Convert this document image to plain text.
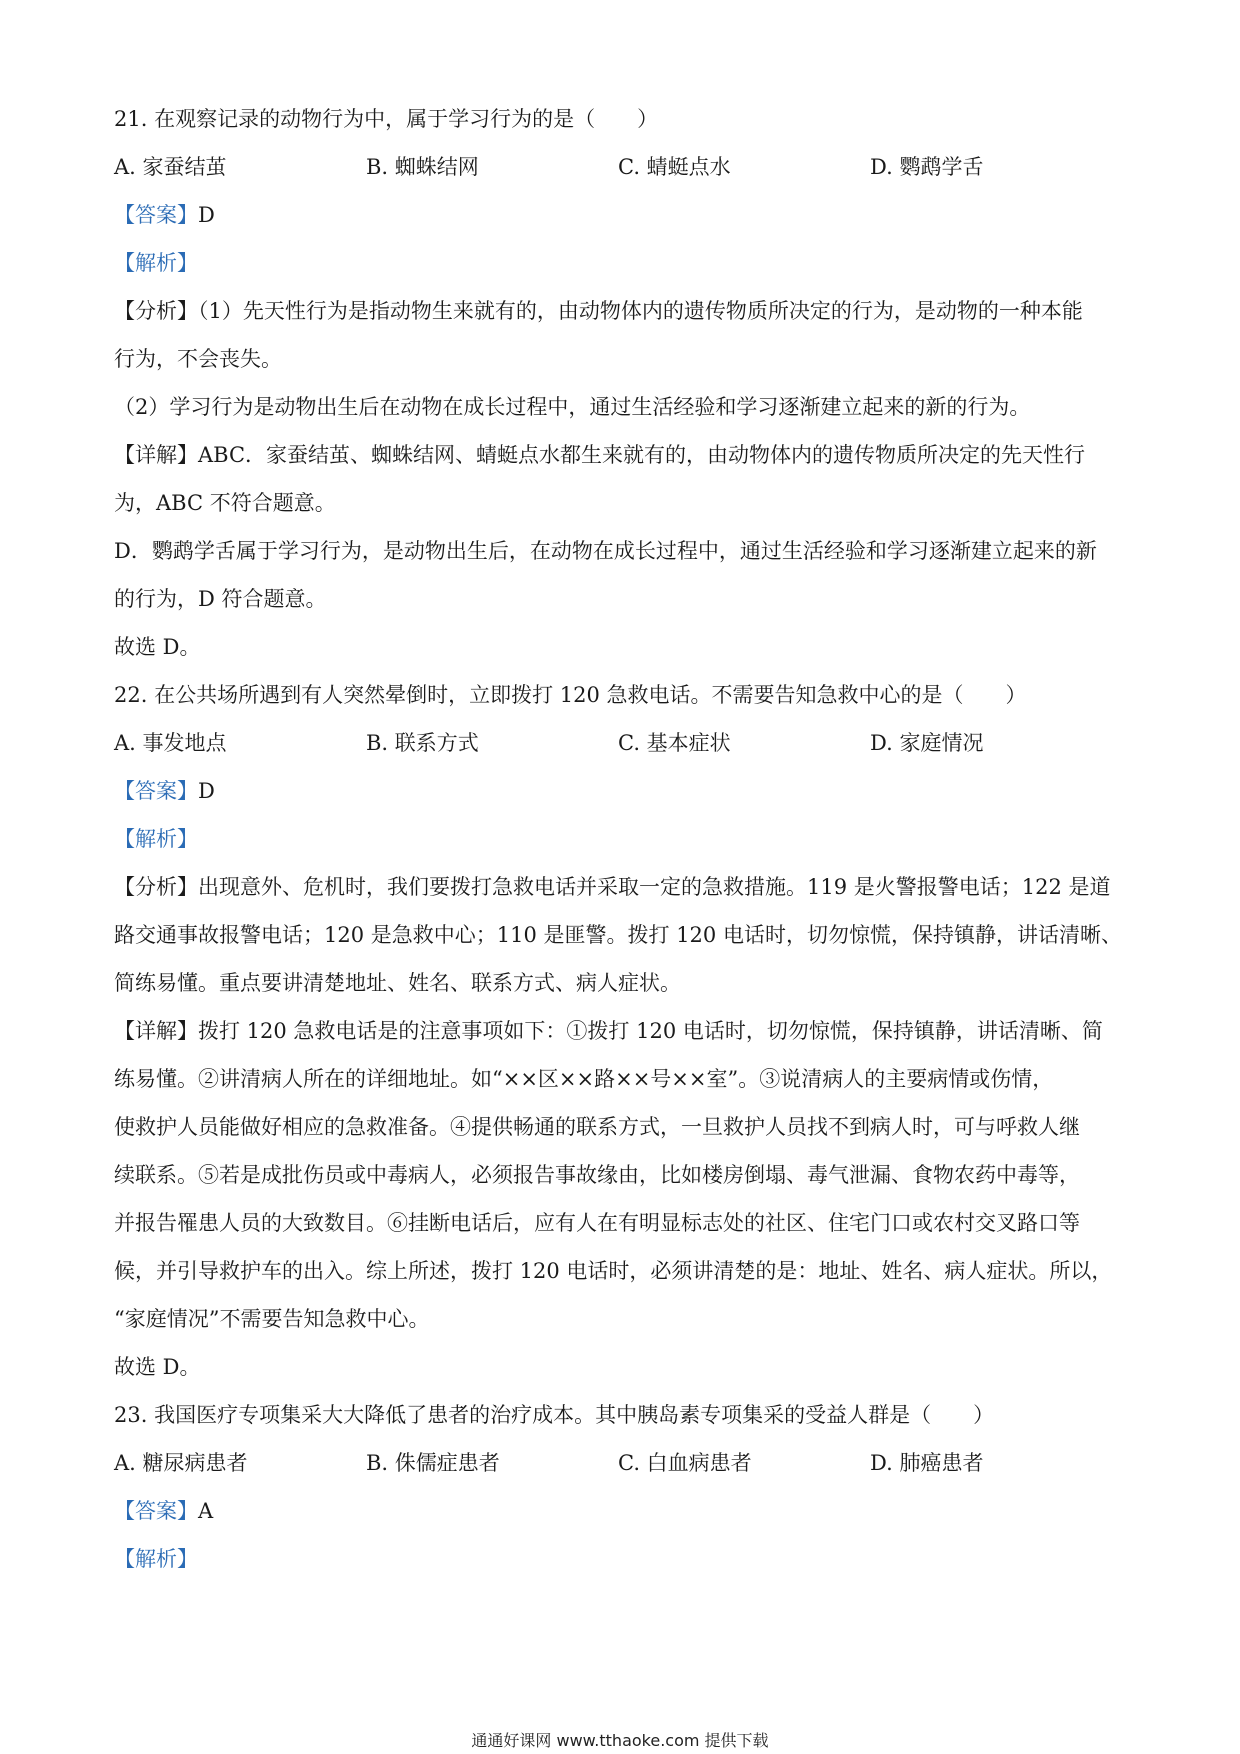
21. 在观察记录的动物行为中，属于学习行为的是（　　）
A. 家蚕结茧	B. 蜘蛛结网	C. 蜻蜓点水	D. 鹦鹉学舌
【答案】D
【解析】
【分析】（1）先天性行为是指动物生来就有的，由动物体内的遗传物质所决定的行为，是动物的一种本能
行为，不会丧失。
（2）学习行为是动物出生后在动物在成长过程中，通过生活经验和学习逐渐建立起来的新的行为。
【详解】ABC．家蚕结茧、蜘蛛结网、蜻蜓点水都生来就有的，由动物体内的遗传物质所决定的先天性行
为，ABC 不符合题意。
D．鹦鹉学舌属于学习行为，是动物出生后，在动物在成长过程中，通过生活经验和学习逐渐建立起来的新
的行为，D 符合题意。
故选 D。
22. 在公共场所遇到有人突然晕倒时，立即拨打 120 急救电话。不需要告知急救中心的是（　　）
A. 事发地点	B. 联系方式	C. 基本症状	D. 家庭情况
【答案】D
【解析】
【分析】出现意外、危机时，我们要拨打急救电话并采取一定的急救措施。119 是火警报警电话；122 是道
路交通事故报警电话；120 是急救中心；110 是匪警。拨打 120 电话时，切勿惊慌，保持镇静，讲话清晰、
简练易懂。重点要讲清楚地址、姓名、联系方式、病人症状。
【详解】拨打 120 急救电话是的注意事项如下：①拨打 120 电话时，切勿惊慌，保持镇静，讲话清晰、简
练易懂。②讲清病人所在的详细地址。如“××区××路××号××室”。③说清病人的主要病情或伤情，
使救护人员能做好相应的急救准备。④提供畅通的联系方式，一旦救护人员找不到病人时，可与呼救人继
续联系。⑤若是成批伤员或中毒病人，必须报告事故缘由，比如楼房倒塌、毒气泄漏、食物农药中毒等，
并报告罹患人员的大致数目。⑥挂断电话后，应有人在有明显标志处的社区、住宅门口或农村交叉路口等
候，并引导救护车的出入。综上所述，拨打 120 电话时，必须讲清楚的是：地址、姓名、病人症状。所以，
“家庭情况”不需要告知急救中心。
故选 D。
23. 我国医疗专项集采大大降低了患者的治疗成本。其中胰岛素专项集采的受益人群是（　　）
A. 糖尿病患者	B. 侏儒症患者	C. 白血病患者	D. 肺癌患者
【答案】A
【解析】
通通好课网 www.tthaoke.com 提供下载
